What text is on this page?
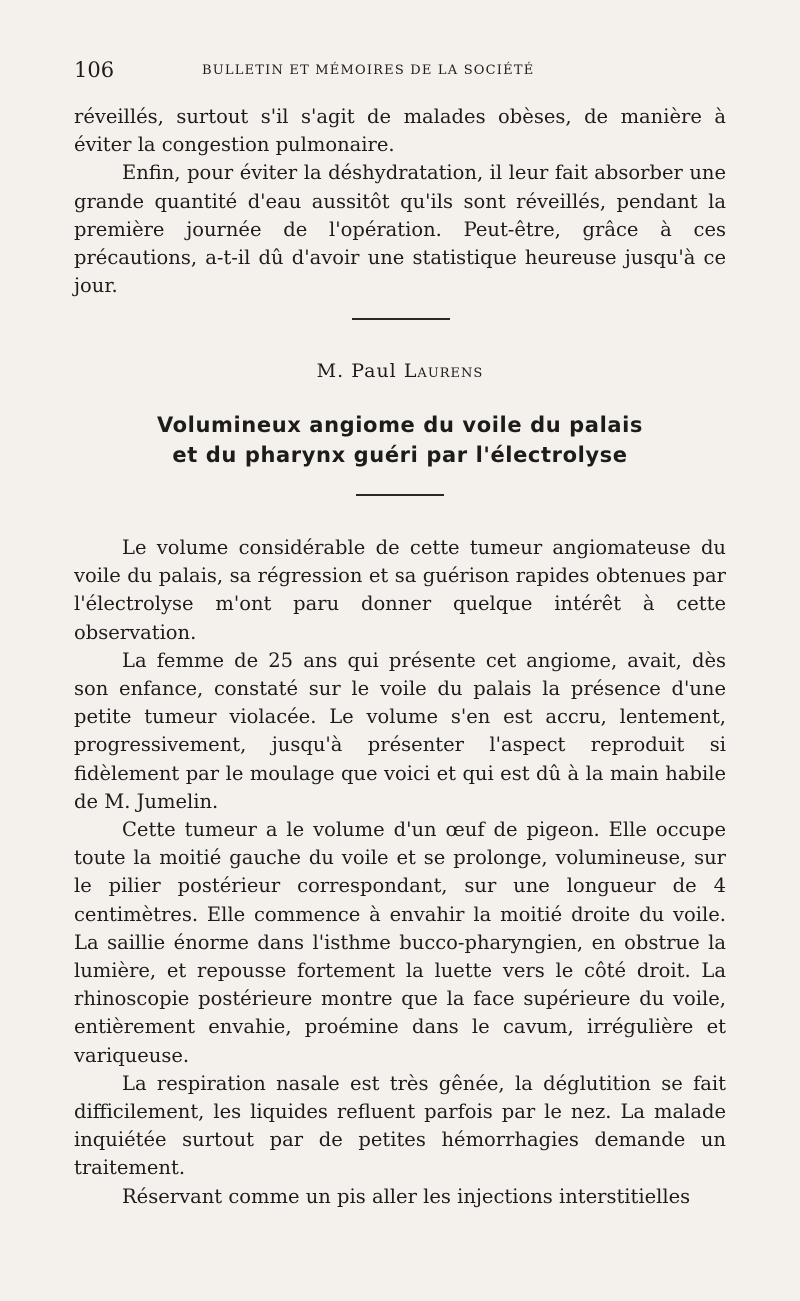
106	BULLETIN ET MÉMOIRES DE LA SOCIÉTÉ

réveillés, surtout s'il s'agit de malades obèses, de manière à éviter la congestion pulmonaire.

Enfin, pour éviter la déshydratation, il leur fait absorber une grande quantité d'eau aussitôt qu'ils sont réveillés, pendant la première journée de l'opération. Peut-être, grâce à ces précautions, a-t-il dû d'avoir une statistique heureuse jusqu'à ce jour.

M. Paul Laurens
Volumineux angiome du voile du palais
et du pharynx guéri par l'électrolyse

Le volume considérable de cette tumeur angiomateuse du voile du palais, sa régression et sa guérison rapides obtenues par l'électrolyse m'ont paru donner quelque intérêt à cette observation.

La femme de 25 ans qui présente cet angiome, avait, dès son enfance, constaté sur le voile du palais la présence d'une petite tumeur violacée. Le volume s'en est accru, lentement, progressivement, jusqu'à présenter l'aspect reproduit si fidèlement par le moulage que voici et qui est dû à la main habile de M. Jumelin.

Cette tumeur a le volume d'un œuf de pigeon. Elle occupe toute la moitié gauche du voile et se prolonge, volumineuse, sur le pilier postérieur correspondant, sur une longueur de 4 centimètres. Elle commence à envahir la moitié droite du voile. La saillie énorme dans l'isthme bucco-pharyngien, en obstrue la lumière, et repousse fortement la luette vers le côté droit. La rhinoscopie postérieure montre que la face supérieure du voile, entièrement envahie, proémine dans le cavum, irrégulière et variqueuse.

La respiration nasale est très gênée, la déglutition se fait difficilement, les liquides refluent parfois par le nez. La malade inquiétée surtout par de petites hémorrhagies demande un traitement.

Réservant comme un pis aller les injections interstitielles
